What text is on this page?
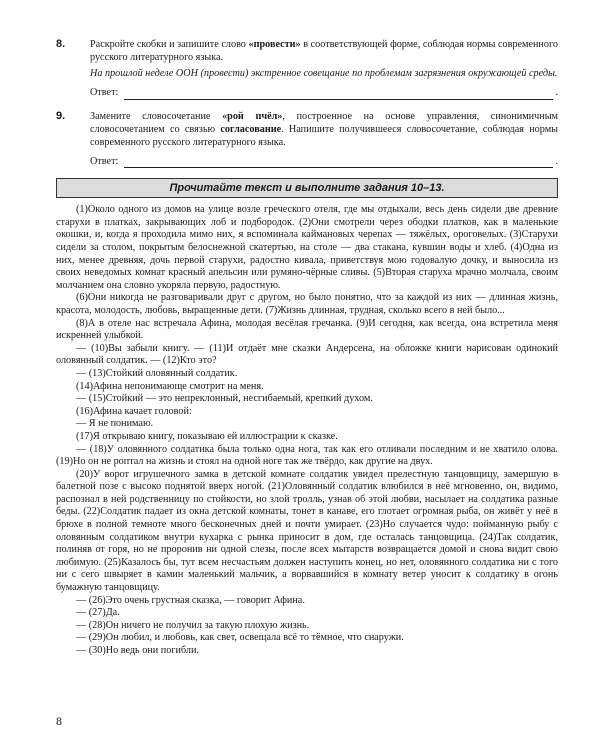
8. Раскройте скобки и запишите слово «провести» в соответствующей форме, соблюдая нормы современного русского литературного языка.

На прошлой неделе ООН (провести) экстренное совещание по проблемам загрязнения окружающей среды.

Ответ:	.
9. Замените словосочетание «рой пчёл», построенное на основе управления, синонимичным словосочетанием со связью согласование. Напишите получившееся словосочетание, соблюдая нормы современного русского литературного языка.

Ответ:	.
Прочитайте текст и выполните задания 10–13.

(1)Около одного из домов на улице возле греческого отеля, где мы отдыхали, весь день сидели две древние старухи в платках, закрывающих лоб и подбородок. (2)Они смотрели через ободки платков, как в маленькие окошки, и, когда я проходила мимо них, я вспоминала каймановых черепах — тяжёлых, ороговелых. (3)Старухи сидели за столом, покрытым белоснежной скатертью, на столе — два стакана, кувшин воды и хлеб. (4)Одна из них, менее древняя, дочь первой старухи, радостно кивала, приветствуя мою годовалую дочку, и выносила из своих неведомых комнат красный апельсин или румяно-чёрные сливы. (5)Вторая старуха мрачно молчала, своим молчанием она словно укоряла первую, радостную.

(6)Они никогда не разговаривали друг с другом, но было понятно, что за каждой из них — длинная жизнь, красота, молодость, любовь, выращенные дети. (7)Жизнь длинная, трудная, сколько всего в ней было...

(8)А в отеле нас встречала Афина, молодая весёлая гречанка. (9)И сегодня, как всегда, она встретила меня искренней улыбкой.

— (10)Вы забыли книгу. — (11)И отдаёт мне сказки Андерсена, на обложке книги нарисован одинокий оловянный солдатик. — (12)Кто это?

— (13)Стойкий оловянный солдатик.

(14)Афина непонимающе смотрит на меня.

— (15)Стойкий — это непреклонный, несгибаемый, крепкий духом.

(16)Афина качает головой:

— Я не понимаю.

(17)Я открываю книгу, показываю ей иллюстрации к сказке.

— (18)У оловянного солдатика была только одна нога, так как его отливали последним и не хватило олова. (19)Но он не роптал на жизнь и стоял на одной ноге так же твёрдо, как другие на двух.

(20)У ворот игрушечного замка в детской комнате солдатик увидел прелестную танцовщицу, замершую в балетной позе с высоко поднятой вверх ногой. (21)Оловянный солдатик влюбился в неё мгновенно, он, видимо, распознал в ней родственницу по стойкости, но злой тролль, узнав об этой любви, насылает на солдатика разные беды. (22)Солдатик падает из окна детской комнаты, тонет в канаве, его глотает огромная рыба, он живёт у неё в брюхе в полной темноте много бесконечных дней и почти умирает. (23)Но случается чудо: пойманную рыбу с оловянным солдатиком внутри кухарка с рынка приносит в дом, где осталась танцовщица. (24)Так солдатик, полиняв от горя, но не проронив ни одной слезы, после всех мытарств возвращается домой и снова видит свою любимую. (25)Казалось бы, тут всем несчастьям должен наступить конец, но нет, оловянного солдатика ни с того ни с сего швыряет в камин маленький мальчик, а ворвавшийся в комнату ветер уносит к солдатику в огонь бумажную танцовщицу.

— (26)Это очень грустная сказка, — говорит Афина.

— (27)Да.

— (28)Он ничего не получил за такую плохую жизнь.

— (29)Он любил, и любовь, как свет, освещала всё то тёмное, что снаружи.

— (30)Но ведь они погибли.

8
